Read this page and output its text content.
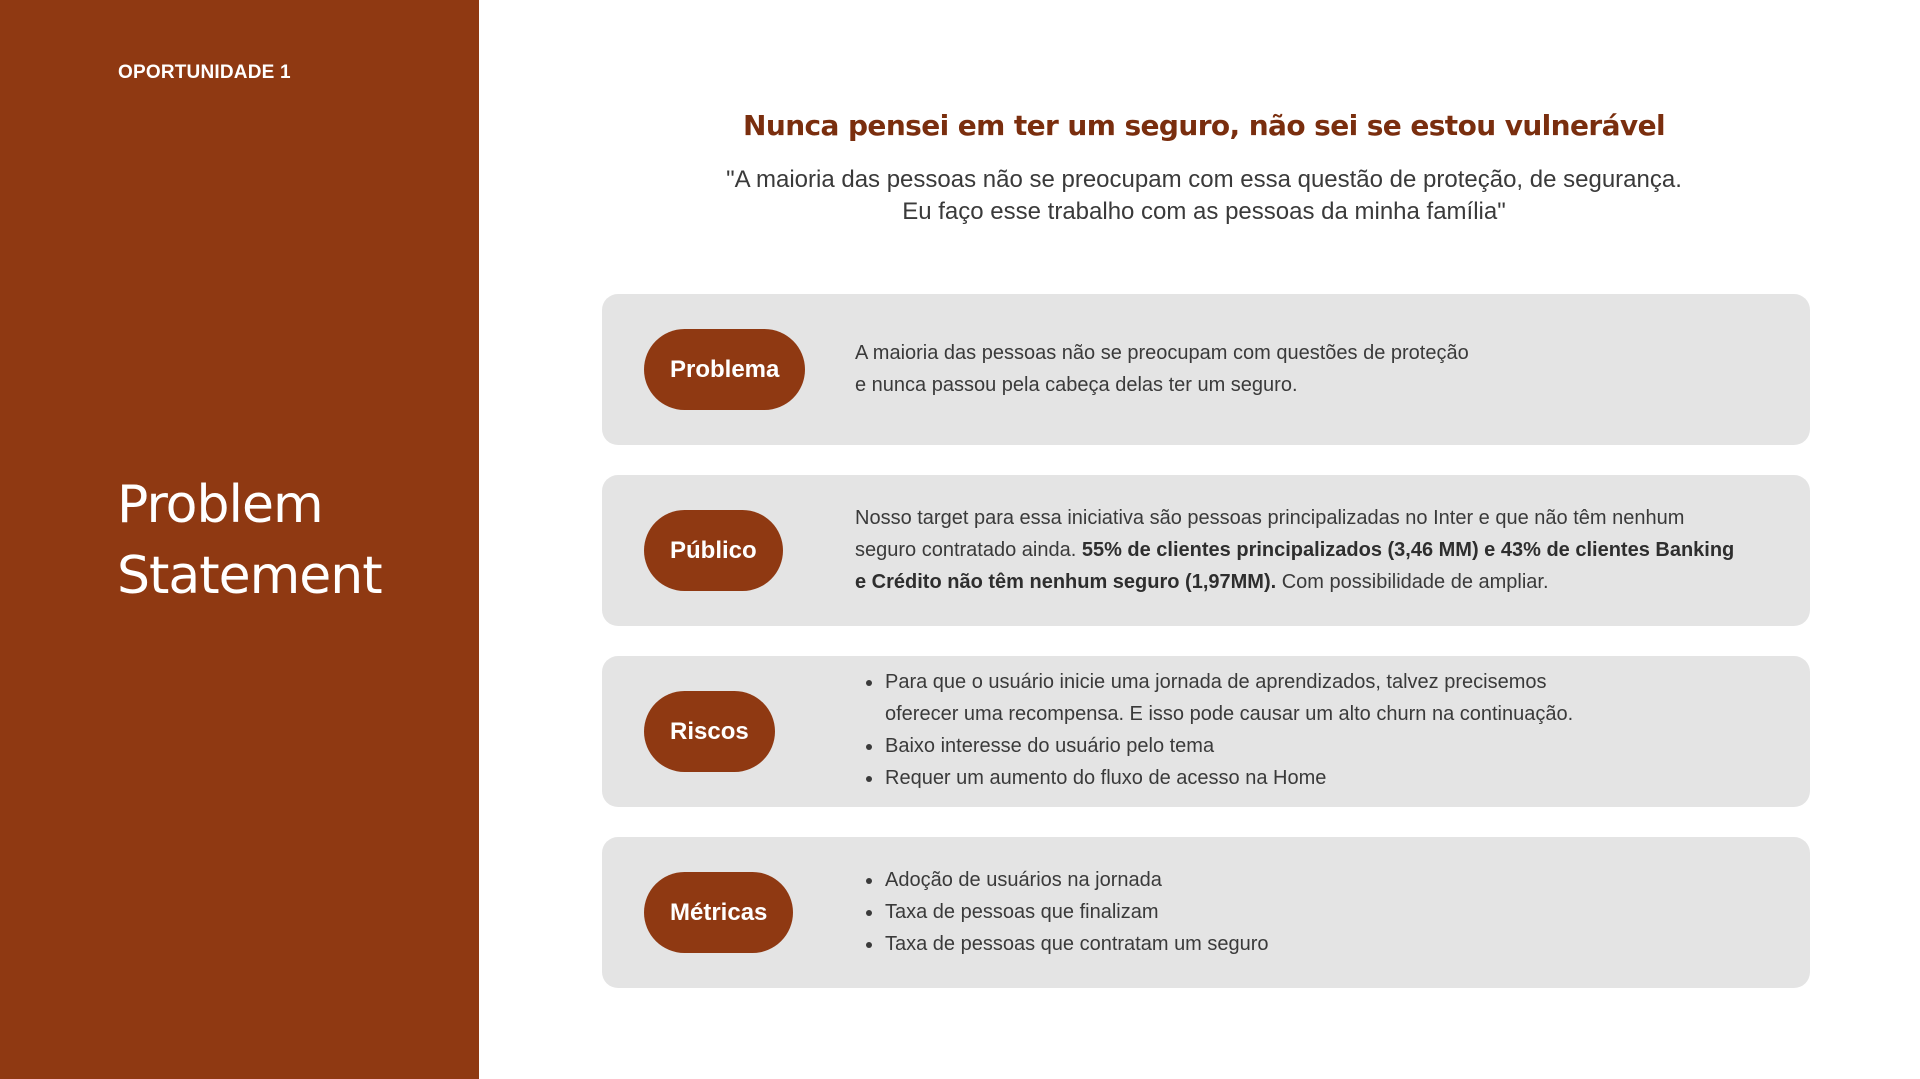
OPORTUNIDADE 1
Problem
Statement
Nunca pensei em ter um seguro, não sei se estou vulnerável
"A maioria das pessoas não se preocupam com essa questão de proteção, de segurança.
Eu faço esse trabalho com as pessoas da minha família"
Problema
A maioria das pessoas não se preocupam com questões de proteção
e nunca passou pela cabeça delas ter um seguro.
Público
Nosso target para essa iniciativa são pessoas principalizadas no Inter e que não têm nenhum
seguro contratado ainda. 55% de clientes principalizados (3,46 MM) e 43% de clientes Banking
e Crédito não têm nenhum seguro (1,97MM). Com possibilidade de ampliar.
Riscos
Para que o usuário inicie uma jornada de aprendizados, talvez precisemos
oferecer uma recompensa. E isso pode causar um alto churn na continuação.
Baixo interesse do usuário pelo tema
Requer um aumento do fluxo de acesso na Home
Métricas
Adoção de usuários na jornada
Taxa de pessoas que finalizam
Taxa de pessoas que contratam um seguro
